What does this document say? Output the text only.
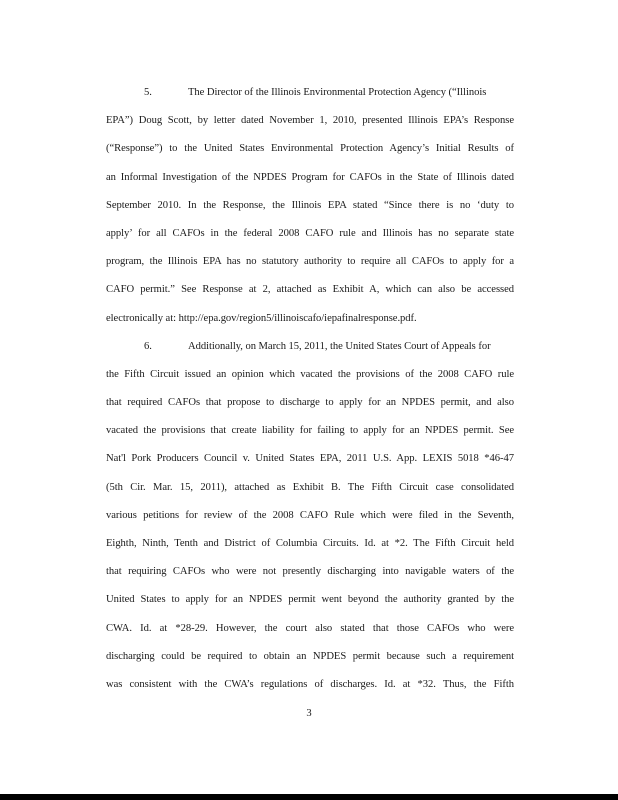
5.	The Director of the Illinois Environmental Protection Agency (“Illinois
EPA”) Doug Scott, by letter dated November 1, 2010, presented Illinois EPA’s Response
(“Response”) to the United States Environmental Protection Agency’s Initial Results of
an Informal Investigation of the NPDES Program for CAFOs in the State of Illinois dated
September 2010. In the Response, the Illinois EPA stated “Since there is no ‘duty to
apply’ for all CAFOs in the federal 2008 CAFO rule and Illinois has no separate state
program, the Illinois EPA has no statutory authority to require all CAFOs to apply for a
CAFO permit.” See Response at 2, attached as Exhibit A, which can also be accessed
electronically at: http://epa.gov/region5/illinoiscafo/iepafinalresponse.pdf.
6.	Additionally, on March 15, 2011, the United States Court of Appeals for
the Fifth Circuit issued an opinion which vacated the provisions of the 2008 CAFO rule
that required CAFOs that propose to discharge to apply for an NPDES permit, and also
vacated the provisions that create liability for failing to apply for an NPDES permit. See
Nat'l Pork Producers Council v. United States EPA, 2011 U.S. App. LEXIS 5018 *46-47
(5th Cir. Mar. 15, 2011), attached as Exhibit B. The Fifth Circuit case consolidated
various petitions for review of the 2008 CAFO Rule which were filed in the Seventh,
Eighth, Ninth, Tenth and District of Columbia Circuits. Id. at *2. The Fifth Circuit held
that requiring CAFOs who were not presently discharging into navigable waters of the
United States to apply for an NPDES permit went beyond the authority granted by the
CWA. Id. at *28-29. However, the court also stated that those CAFOs who were
discharging could be required to obtain an NPDES permit because such a requirement
was consistent with the CWA’s regulations of discharges. Id. at *32. Thus, the Fifth
3
